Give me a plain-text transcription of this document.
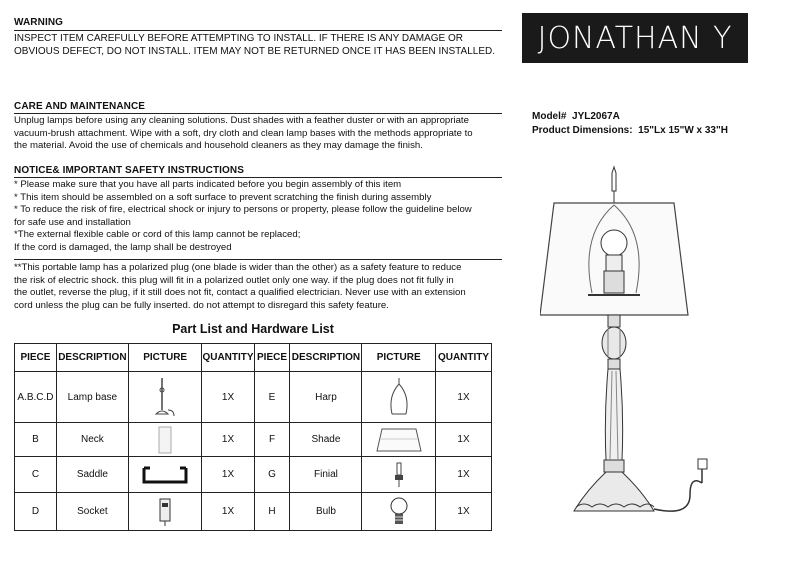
WARNING
INSPECT ITEM CAREFULLY BEFORE ATTEMPTING TO INSTALL. IF THERE IS ANY DAMAGE OR
OBVIOUS DEFECT, DO NOT INSTALL. ITEM MAY NOT BE RETURNED ONCE IT HAS BEEN INSTALLED.	JONATHAN Y
CARE AND MAINTENANCE
Unplug lamps before using any cleaning solutions. Dust shades with a feather duster or with an appropriate
vacuum-brush attachment. Wipe with a soft, dry cloth and clean lamp bases with the methods appropriate to
the material. Avoid the use of chemicals and household cleaners as they may damage the finish.
Model# JYL2067A
Product Dimensions: 15"Lx 15"W x 33"H
NOTICE& IMPORTANT SAFETY INSTRUCTIONS
* Please make sure that you have all parts indicated before you begin assembly of this item
* This item should be assembled on a soft surface to prevent scratching the finish during assembly
* To reduce the risk of fire, electrical shock or injury to persons or property, please follow the guideline below
for safe use and installation
*The external flexible cable or cord of this lamp cannot be replaced;
If the cord is damaged, the lamp shall be destroyed
**This portable lamp has a polarized plug (one blade is wider than the other) as a safety feature to reduce
the risk of electric shock. this plug will fit in a polarized outlet only one way. if the plug does not fit fully in
the outlet, reverse the plug, if it still does not fit, contact a qualified electrician. Never use with an extension
cord unless the plug can be fully inserted. do not attempt to disregard this safety feature.
Part List and Hardware List
PIECE	DESCRIPTION	PICTURE	QUANTITY	PIECE	DESCRIPTION	PICTURE	QUANTITY
A.B.C.D	Lamp base		1X	E	Harp		1X
B	Neck		1X	F	Shade		1X
C	Saddle		1X	G	Finial		1X
D	Socket		1X	H	Bulb		1X
